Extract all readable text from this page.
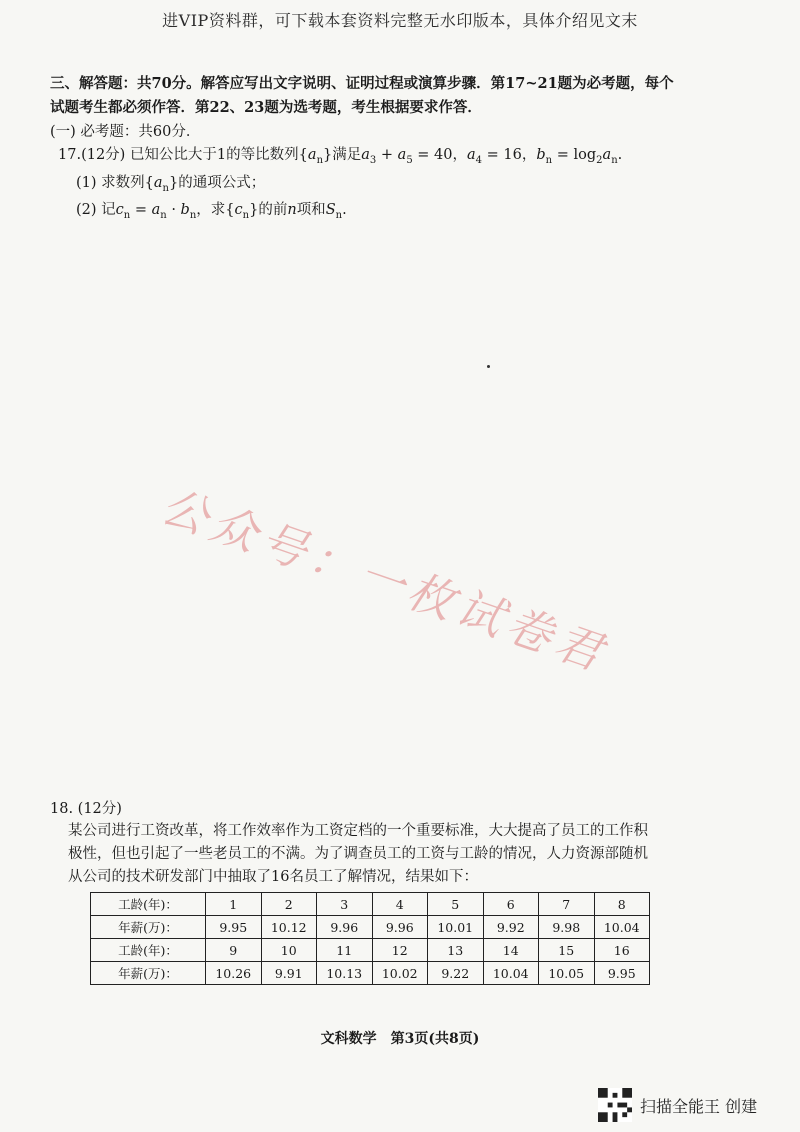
进VIP资料群，可下载本套资料完整无水印版本，具体介绍见文末
三、解答题：共70分。解答应写出文字说明、证明过程或演算步骤．第17~21题为必考题，每个
试题考生都必须作答．第22、23题为选考题，考生根据要求作答．
(一) 必考题：共60分．
17.(12分) 已知公比大于1的等比数列$\{a_n\}$满足$a_3 + a_5 = 40$，$a_4 = 16$，$b_n = \log_2a_n$.
(1) 求数列$\{a_n\}$的通项公式；
(2) 记$c_n = a_n \cdot b_n$，求$\{c_n\}$的前n项和$S_n$.
公众号：一枚试卷君
18. (12分)
某公司进行工资改革，将工作效率作为工资定档的一个重要标准，大大提高了员工的工作积
极性，但也引起了一些老员工的不满。为了调查员工的工资与工龄的情况，人力资源部随机
从公司的技术研发部门中抽取了16名员工了解情况，结果如下：
工龄(年)：	1	2	3	4	5	6	7	8
年薪(万)：	9.95	10.12	9.96	9.96	10.01	9.92	9.98	10.04
工龄(年)：	9	10	11	12	13	14	15	16
年薪(万)：	10.26	9.91	10.13	10.02	9.22	10.04	10.05	9.95
文科数学　第3页(共8页)
扫描全能王 创建
